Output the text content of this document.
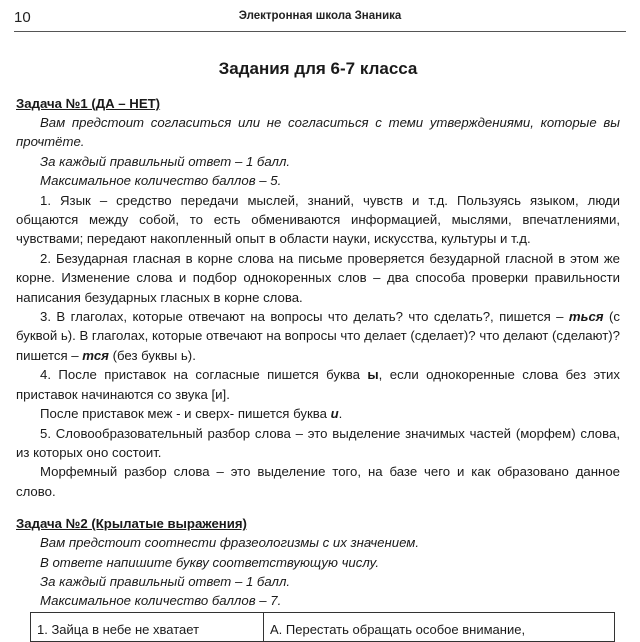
10	Электронная школа Знаника
Задания для 6-7 класса
Задача №1 (ДА – НЕТ)

Вам предстоит согласиться или не согласиться с теми утверждениями, которые вы прочтёте.

За каждый правильный ответ – 1 балл.

Максимальное количество баллов – 5.

1. Язык – средство передачи мыслей, знаний, чувств и т.д. Пользуясь языком, люди общаются между собой, то есть обмениваются информацией, мыслями, впечатлениями, чувствами; передают накопленный опыт в области науки, искусства, культуры и т.д.

2. Безударная гласная в корне слова на письме проверяется безударной гласной в этом же корне. Изменение слова и подбор однокоренных слов – два способа проверки правильности написания безударных гласных в корне слова.

3. В глаголах, которые отвечают на вопросы что делать? что сделать?, пишется – ться (с буквой ь). В глаголах, которые отвечают на вопросы что делает (сделает)? что делают (сделают)? пишется – тся (без буквы ь).

4. После приставок на согласные пишется буква ы, если однокоренные слова без этих приставок начинаются со звука [и].

После приставок меж - и сверх- пишется буква и.

5. Словообразовательный разбор слова – это выделение значимых частей (морфем) слова, из которых оно состоит.

Морфемный разбор слова – это выделение того, на базе чего и как образовано данное слово.

Задача №2 (Крылатые выражения)

Вам предстоит соотнести фразеологизмы с их значением.

В ответе напишите букву соответствующую числу.

За каждый правильный ответ – 1 балл.

Максимальное количество баллов – 7.

1. Зайца в небе не хватает	А. Перестать обращать особое внимание,
